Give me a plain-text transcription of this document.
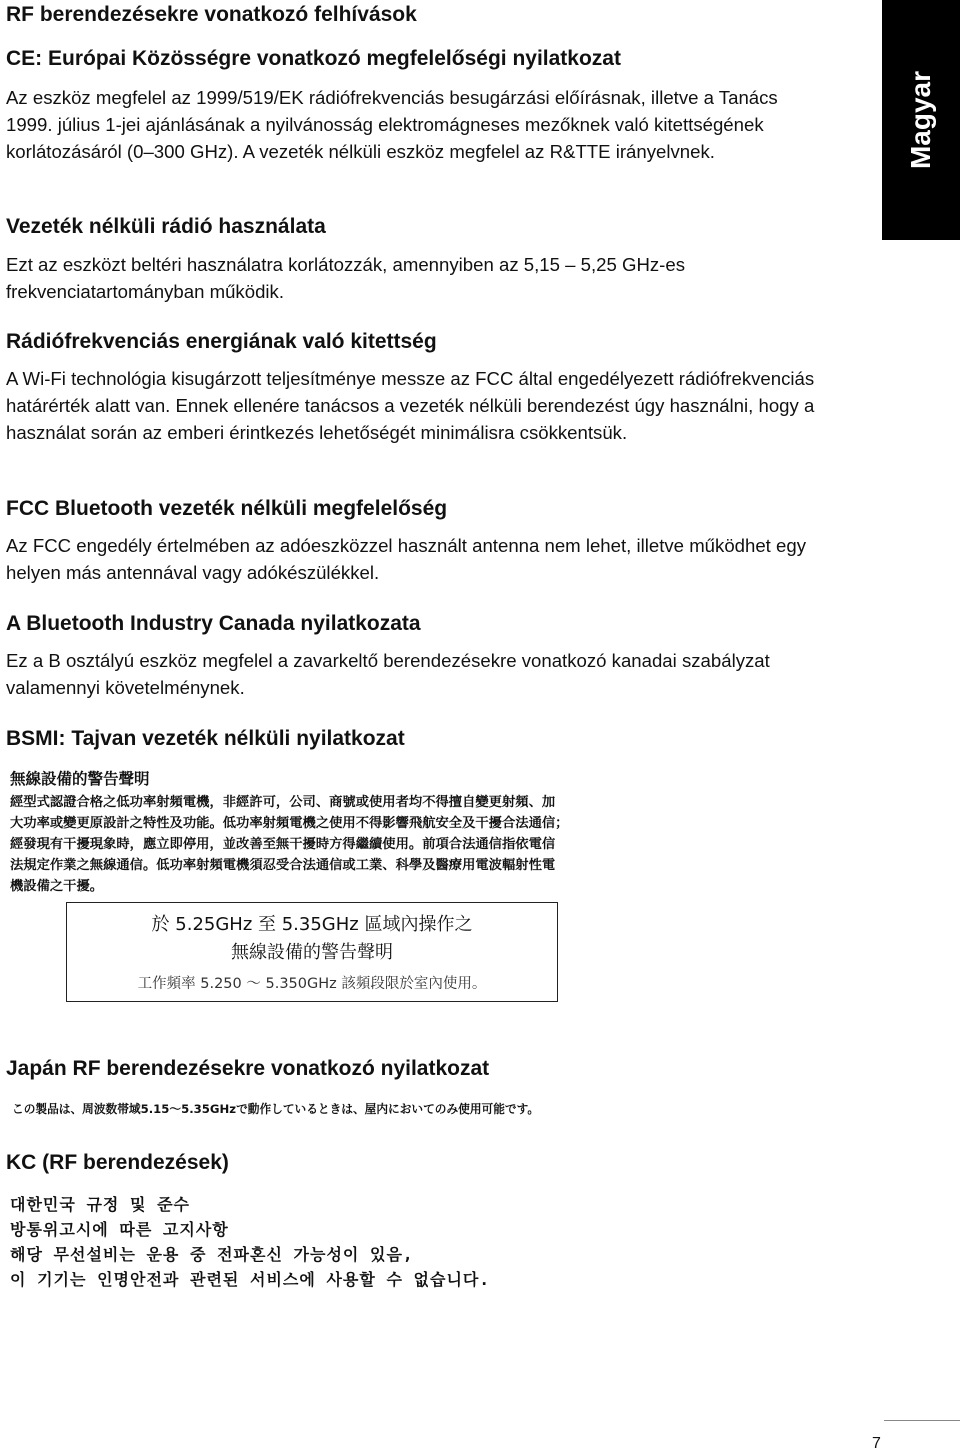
Magyar
RF berendezésekre vonatkozó felhívások
CE: Európai Közösségre vonatkozó megfelelőségi nyilatkozat
Az eszköz megfelel az 1999/519/EK rádiófrekvenciás besugárzási előírásnak, illetve a Tanács 1999. július 1-jei ajánlásának a nyilvánosság elektromágneses mezőknek való kitettségének korlátozásáról (0–300 GHz). A vezeték nélküli eszköz megfelel az R&TTE irányelvnek.
Vezeték nélküli rádió használata
Ezt az eszközt beltéri használatra korlátozzák, amennyiben az 5,15 – 5,25 GHz-es frekvenciatartományban működik.
Rádiófrekvenciás energiának való kitettség
A Wi-Fi technológia kisugárzott teljesítménye messze az FCC által engedélyezett rádiófrekvenciás határérték alatt van. Ennek ellenére tanácsos a vezeték nélküli berendezést úgy használni, hogy a használat során az emberi érintkezés lehetőségét minimálisra csökkentsük.
FCC Bluetooth vezeték nélküli megfelelőség
Az FCC engedély értelmében az adóeszközzel használt antenna nem lehet, illetve működhet egy helyen más antennával vagy adókészülékkel.
A Bluetooth Industry Canada nyilatkozata
Ez a B osztályú eszköz megfelel a zavarkeltő berendezésekre vonatkozó kanadai szabályzat valamennyi követelménynek.
BSMI: Tajvan vezeték nélküli nyilatkozat
Japán RF berendezésekre vonatkozó nyilatkozat
KC (RF berendezések)
無線設備的警告聲明
經型式認證合格之低功率射頻電機，非經許可，公司、商號或使用者均不得擅自變更射頻、加
大功率或變更原設計之特性及功能。低功率射頻電機之使用不得影響飛航安全及干擾合法通信；
經發現有干擾現象時，應立即停用，並改善至無干擾時方得繼續使用。前項合法通信指依電信
法規定作業之無線通信。低功率射頻電機須忍受合法通信或工業、科學及醫療用電波輻射性電
機設備之干擾。
於 5.25GHz 至 5.35GHz 區域內操作之
無線設備的警告聲明
工作頻率 5.250 ～ 5.350GHz 該頻段限於室內使用。
この製品は、周波数帯域5.15〜5.35GHzで動作しているときは、屋内においてのみ使用可能です。
대한민국 규정 및 준수
방통위고시에 따른 고지사항
해당 무선설비는 운용 중 전파혼신 가능성이 있음,
이 기기는 인명안전과 관련된 서비스에 사용할 수 없습니다.
7
